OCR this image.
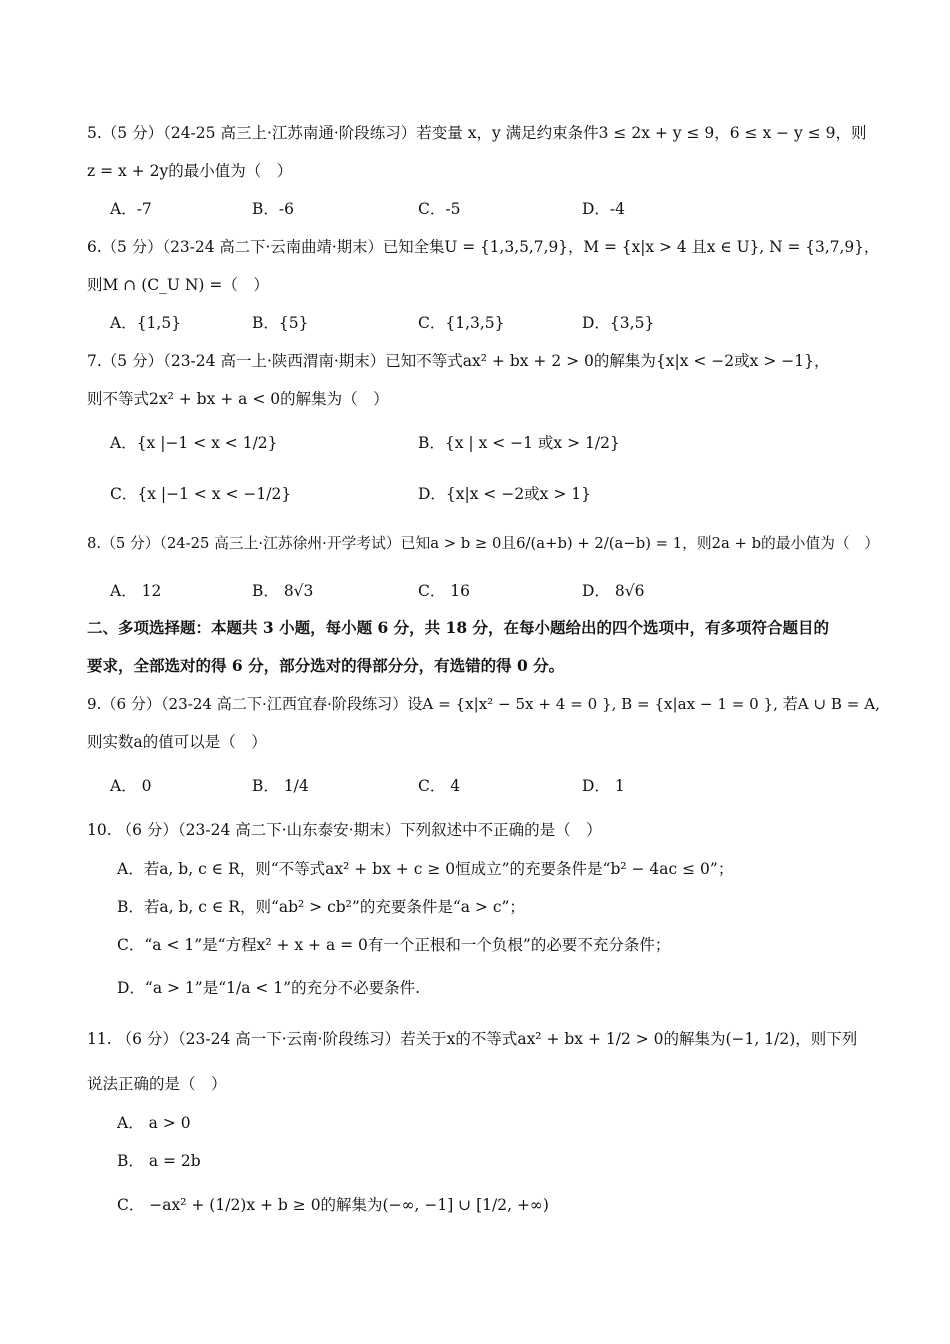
5.（5 分）（24-25 高三上·江苏南通·阶段练习）若变量 x，y 满足约束条件3 ≤ 2x + y ≤ 9，6 ≤ x − y ≤ 9，则
z = x + 2y的最小值为（　）
A．-7	B．-6	C．-5	D．-4
6.（5 分）（23-24 高二下·云南曲靖·期末）已知全集U = {1,3,5,7,9}，M = {x|x > 4 且x ∈ U}, N = {3,7,9}，
则M ∩ (C_U N) =（　）
A．{1,5}	B．{5}	C．{1,3,5}	D．{3,5}
7.（5 分）（23-24 高一上·陕西渭南·期末）已知不等式ax² + bx + 2 > 0的解集为{x|x < −2或x > −1}，
则不等式2x² + bx + a < 0的解集为（　）
A．{x |−1 < x < 1/2}	B．{x | x < −1 或x > 1/2}
C．{x |−1 < x < −1/2}	D．{x|x < −2或x > 1}
8.（5 分）（24-25 高三上·江苏徐州·开学考试）已知a > b ≥ 0且6/(a+b) + 2/(a−b) = 1，则2a + b的最小值为（　）
A． 12	B． 8√3	C． 16	D． 8√6
二、多项选择题：本题共 3 小题，每小题 6 分，共 18 分，在每小题给出的四个选项中，有多项符合题目的
要求，全部选对的得 6 分，部分选对的得部分分，有选错的得 0 分。
9.（6 分）（23-24 高二下·江西宜春·阶段练习）设A = {x|x² − 5x + 4 = 0 }, B = {x|ax − 1 = 0 }, 若A ∪ B = A,
则实数a的值可以是（　）
A． 0	B． 1/4	C． 4	D． 1
10. （6 分）（23-24 高二下·山东泰安·期末）下列叙述中不正确的是（　）
A．若a, b, c ∈ R，则“不等式ax² + bx + c ≥ 0恒成立”的充要条件是“b² − 4ac ≤ 0”；
B．若a, b, c ∈ R，则“ab² > cb²”的充要条件是“a > c”；
C．“a < 1”是“方程x² + x + a = 0有一个正根和一个负根”的必要不充分条件；
D．“a > 1”是“1/a < 1”的充分不必要条件.
11. （6 分）（23-24 高一下·云南·阶段练习）若关于x的不等式ax² + bx + 1/2 > 0的解集为(−1, 1/2)，则下列
说法正确的是（　）
A． a > 0
B． a = 2b
C． −ax² + (1/2)x + b ≥ 0的解集为(−∞, −1] ∪ [1/2, +∞)
